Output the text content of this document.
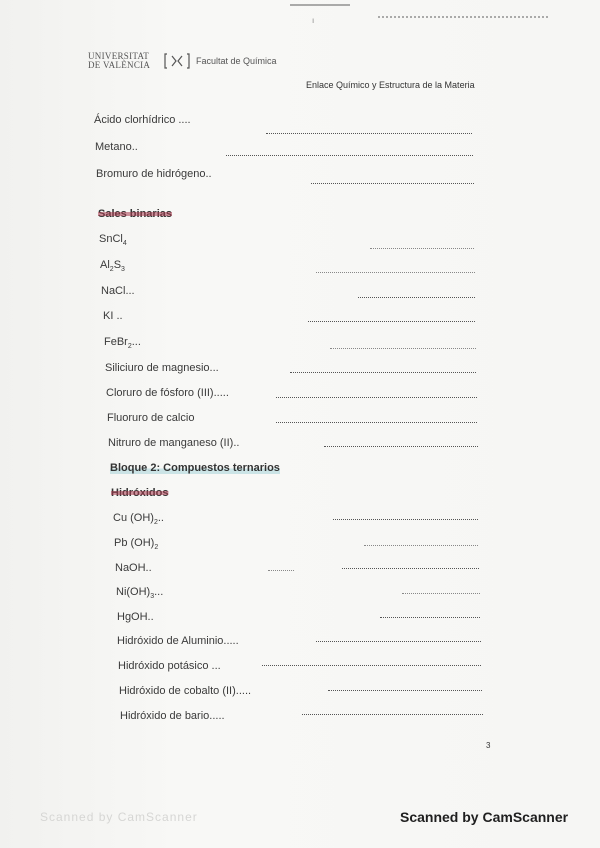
ı
UNIVERSITAT DE VALÈNCIA	Facultat de Química
Enlace Químico y Estructura de la Materia
Ácido clorhídrico ....
Metano..
Bromuro de hidrógeno..
Sales binarias
SnCl$_4$
$Al_2S_3$
NaCl...
KI ..
FeBr$_2$...
Siliciuro de magnesio...
Cloruro de fósforo (III).....
Fluoruro de calcio
Nitruro de manganeso (II)..
Bloque 2: Compuestos ternarios
Hidróxidos
Cu $(OH)_2$..
Pb $(OH)_2$
NaOH..
$Ni(OH)_3$...
HgOH..
Hidróxido de Aluminio.....
Hidróxido potásico ...
Hidróxido de cobalto (II).....
Hidróxido de bario.....
3
Scanned by CamScanner	Scanned by CamScanner
